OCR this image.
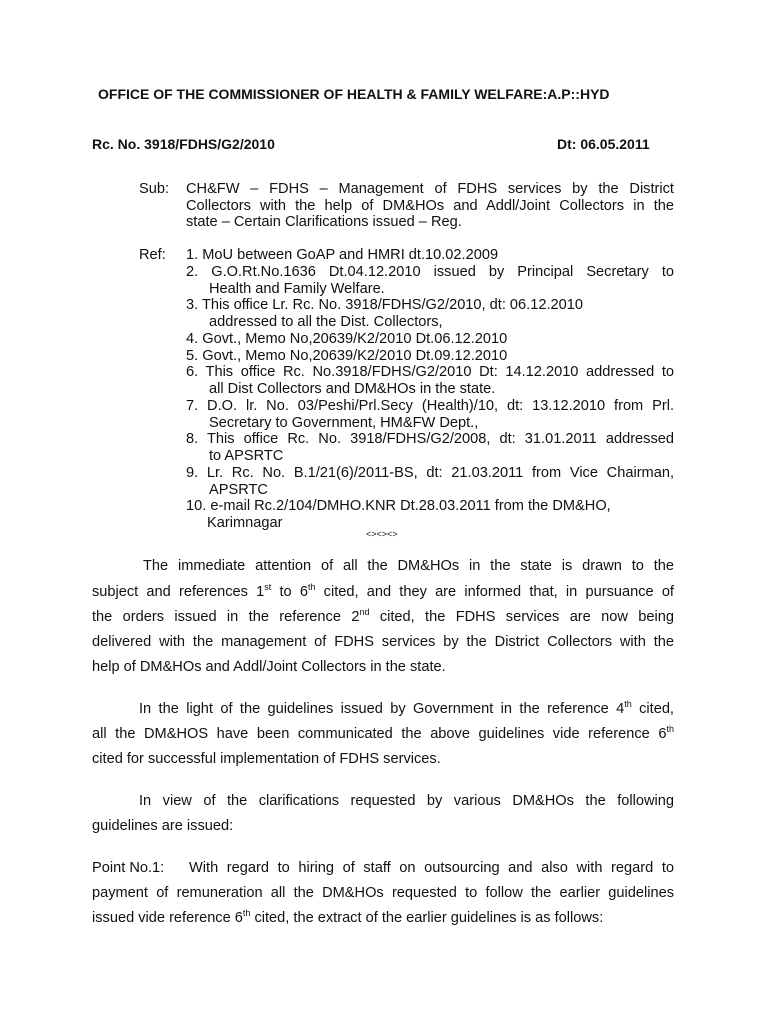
OFFICE OF THE COMMISSIONER OF HEALTH & FAMILY WELFARE:A.P::HYD
Rc. No. 3918/FDHS/G2/2010	Dt: 06.05.2011
Sub: CH&FW – FDHS – Management of FDHS services by the District
Collectors with the help of DM&HOs and Addl/Joint Collectors in the
state – Certain Clarifications issued – Reg.
Ref: 1. MoU between GoAP and HMRI dt.10.02.2009
2. G.O.Rt.No.1636 Dt.04.12.2010 issued by Principal Secretary to
Health and Family Welfare.
3. This office Lr. Rc. No. 3918/FDHS/G2/2010, dt: 06.12.2010
addressed to all the Dist. Collectors,
4. Govt., Memo No,20639/K2/2010 Dt.06.12.2010
5. Govt., Memo No,20639/K2/2010 Dt.09.12.2010
6. This office Rc. No.3918/FDHS/G2/2010 Dt: 14.12.2010 addressed to
all Dist Collectors and DM&HOs in the state.
7. D.O. lr. No. 03/Peshi/Prl.Secy (Health)/10, dt: 13.12.2010 from Prl.
Secretary to Government, HM&FW Dept.,
8. This office Rc. No. 3918/FDHS/G2/2008, dt: 31.01.2011 addressed
to APSRTC
9. Lr. Rc. No. B.1/21(6)/2011-BS, dt: 21.03.2011 from Vice Chairman,
APSRTC
10. e-mail Rc.2/104/DMHO.KNR Dt.28.03.2011 from the DM&HO,
Karimnagar
<><><>
The immediate attention of all the DM&HOs in the state is drawn to the
subject and references 1st to 6th cited, and they are informed that, in pursuance of
the orders issued in the reference 2nd cited, the FDHS services are now being
delivered with the management of FDHS services by the District Collectors with the
help of DM&HOs and Addl/Joint Collectors in the state.
In the light of the guidelines issued by Government in the reference 4th cited,
all the DM&HOS have been communicated the above guidelines vide reference 6th
cited for successful implementation of FDHS services.
In view of the clarifications requested by various DM&HOs the following
guidelines are issued:
Point No.1: With regard to hiring of staff on outsourcing and also with regard to
payment of remuneration all the DM&HOs requested to follow the earlier guidelines
issued vide reference 6th cited, the extract of the earlier guidelines is as follows:
